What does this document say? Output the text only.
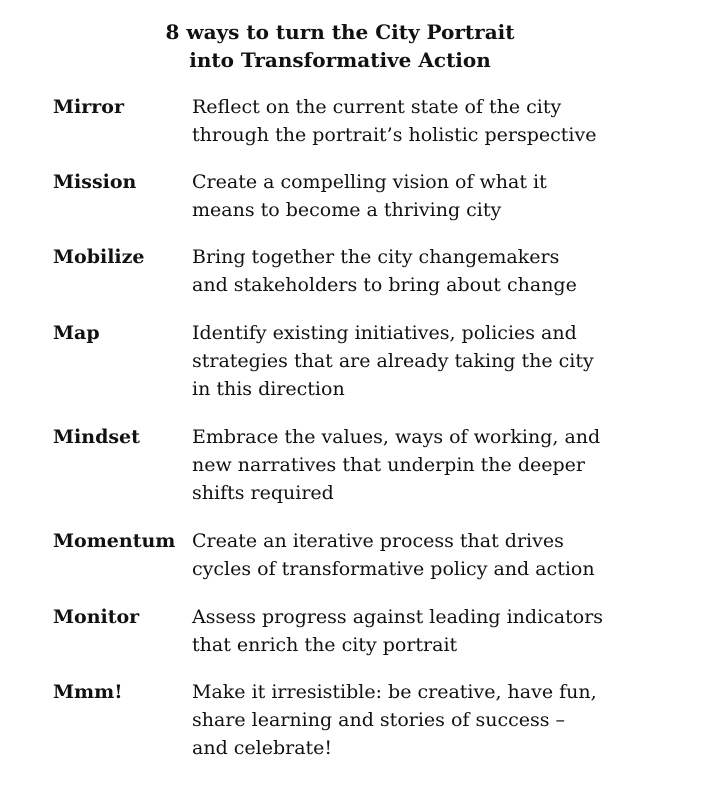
8 ways to turn the City Portrait
into Transformative Action
Mirror	Reflect on the current state of the city
through the portrait’s holistic perspective
Mission	Create a compelling vision of what it
means to become a thriving city
Mobilize	Bring together the city changemakers
and stakeholders to bring about change
Map	Identify existing initiatives, policies and
strategies that are already taking the city
in this direction
Mindset	Embrace the values, ways of working, and
new narratives that underpin the deeper
shifts required
Momentum Create an iterative process that drives
cycles of transformative policy and action
Monitor	Assess progress against leading indicators
that enrich the city portrait
Mmm!	Make it irresistible: be creative, have fun,
share learning and stories of success –
and celebrate!
